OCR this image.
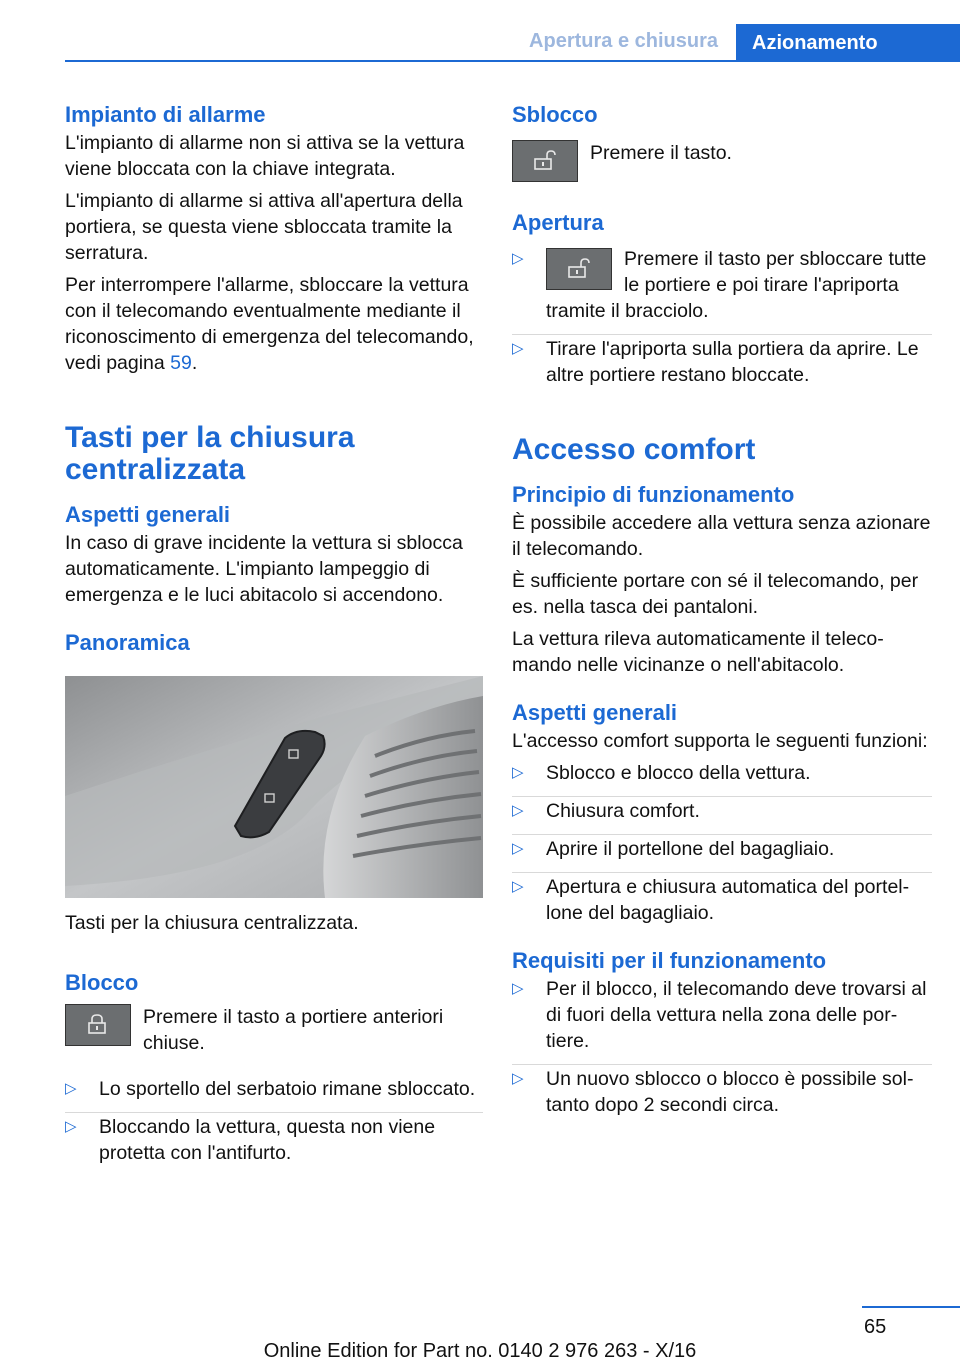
Apertura e chiusura	Azionamento
Impianto di allarme

L'impianto di allarme non si attiva se la vettura viene bloccata con la chiave integrata.

L'impianto di allarme si attiva all'apertura della portiera, se questa viene sbloccata tramite la serratura.

Per interrompere l'allarme, sbloccare la vettura con il telecomando eventualmente mediante il riconoscimento di emergenza del telecomando, vedi pagina 59.

Tasti per la chiusura centralizzata
Aspetti generali

In caso di grave incidente la vettura si sblocca automaticamente. L'impianto lampeggio di emergenza e le luci abitacolo si accendono.

Panoramica

Tasti per la chiusura centralizzata.

Blocco
Premere il tasto a portiere anteriori chiuse.
▷ Lo sportello del serbatoio rimane sbloccato.
▷ Bloccando la vettura, questa non viene protetta con l'antifurto.
Sblocco
Premere il tasto.
Apertura
▷	Premere il tasto per sbloccare tutte le portiere e poi tirare l'apriporta tramite il bracciolo.
▷ Tirare l'apriporta sulla portiera da aprire. Le altre portiere restano bloccate.
Accesso comfort
Principio di funzionamento

È possibile accedere alla vettura senza azionare il telecomando.

È sufficiente portare con sé il telecomando, per es. nella tasca dei pantaloni.

La vettura rileva automaticamente il telecomando nelle vicinanze o nell'abitacolo.

Aspetti generali

L'accesso comfort supporta le seguenti funzioni:

▷ Sblocco e blocco della vettura.
▷ Chiusura comfort.
▷ Aprire il portellone del bagagliaio.
▷ Apertura e chiusura automatica del portellone del bagagliaio.
Requisiti per il funzionamento
▷ Per il blocco, il telecomando deve trovarsi al di fuori della vettura nella zona delle portiere.
▷ Un nuovo sblocco o blocco è possibile soltanto dopo 2 secondi circa.
65
Online Edition for Part no. 0140 2 976 263 - X/16
